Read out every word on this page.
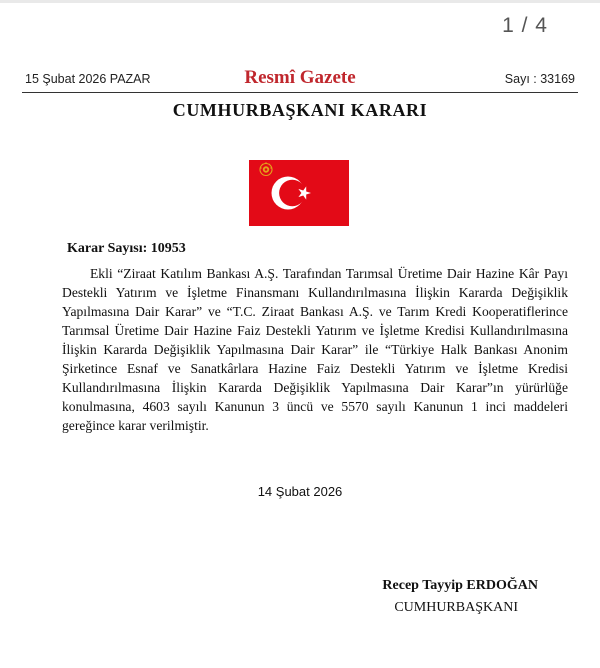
1 / 4
15 Şubat 2026 PAZAR	Resmî Gazete	Sayı : 33169
CUMHURBAŞKANI KARARI
Karar Sayısı: 10953

Ekli “Ziraat Katılım Bankası A.Ş. Tarafından Tarımsal Üretime Dair Hazine Kâr Payı Destekli Yatırım ve İşletme Finansmanı Kullandırılmasına İlişkin Kararda Değişiklik Yapılmasına Dair Karar” ve “T.C. Ziraat Bankası A.Ş. ve Tarım Kredi Kooperatiflerince Tarımsal Üretime Dair Hazine Faiz Destekli Yatırım ve İşletme Kredisi Kullandırılmasına İlişkin Kararda Değişiklik Yapılmasına Dair Karar” ile “Türkiye Halk Bankası Anonim Şirketince Esnaf ve Sanatkârlara Hazine Faiz Destekli Yatırım ve İşletme Kredisi Kullandırılmasına İlişkin Kararda Değişiklik Yapılmasına Dair Karar”ın yürürlüğe konulmasına, 4603 sayılı Kanunun 3 üncü ve 5570 sayılı Kanunun 1 inci maddeleri gereğince karar verilmiştir.

14 Şubat 2026
Recep Tayyip ERDOĞAN
CUMHURBAŞKANI
